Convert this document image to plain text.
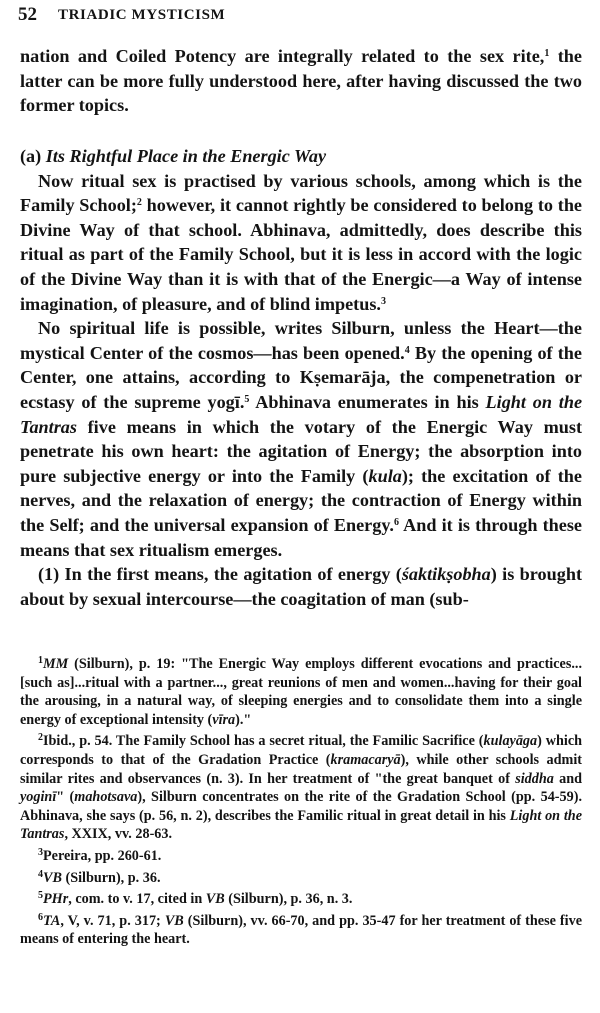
52 TRIADIC MYSTICISM

nation and Coiled Potency are integrally related to the sex rite,$^1$ the latter can be more fully understood here, after having discussed the two former topics.

(a) Its Rightful Place in the Energic Way

Now ritual sex is practised by various schools, among which is the Family School;$^2$ however, it cannot rightly be considered to belong to the Divine Way of that school. Abhinava, admittedly, does describe this ritual as part of the Family School, but it is less in accord with the logic of the Divine Way than it is with that of the Energic—a Way of intense imagination, of pleasure, and of blind impetus.$^3$

No spiritual life is possible, writes Silburn, unless the Heart—the mystical Center of the cosmos—has been opened.$^4$ By the opening of the Center, one attains, according to Kṣemarāja, the compenetration or ecstasy of the supreme yogī.$^5$ Abhinava enumerates in his Light on the Tantras five means in which the votary of the Energic Way must penetrate his own heart: the agitation of Energy; the absorption into pure subjective energy or into the Family (kula); the excitation of the nerves, and the relaxation of energy; the contraction of Energy within the Self; and the universal expansion of Energy.$^6$ And it is through these means that sex ritualism emerges.

(1) In the first means, the agitation of energy (śaktikṣobha) is brought about by sexual intercourse—the coagitation of man (sub-

$^1$MM (Silburn), p. 19: "The Energic Way employs different evocations and practices...[such as]...ritual with a partner..., great reunions of men and women...having for their goal the arousing, in a natural way, of sleeping energies and to consolidate them into a single energy of exceptional intensity (vīra)."

$^2$Ibid., p. 54. The Family School has a secret ritual, the Familic Sacrifice (kulayāga) which corresponds to that of the Gradation Practice (kramacaryā), while other schools admit similar rites and observances (n. 3). In her treatment of "the great banquet of siddha and yoginī" (mahotsava), Silburn concentrates on the rite of the Gradation School (pp. 54-59). Abhinava, she says (p. 56, n. 2), describes the Familic ritual in great detail in his Light on the Tantras, XXIX, vv. 28-63.

$^3$Pereira, pp. 260-61.

$^4$VB (Silburn), p. 36.

$^5$PHr, com. to v. 17, cited in VB (Silburn), p. 36, n. 3.

$^6$TA, V, v. 71, p. 317; VB (Silburn), vv. 66-70, and pp. 35-47 for her treatment of these five means of entering the heart.
